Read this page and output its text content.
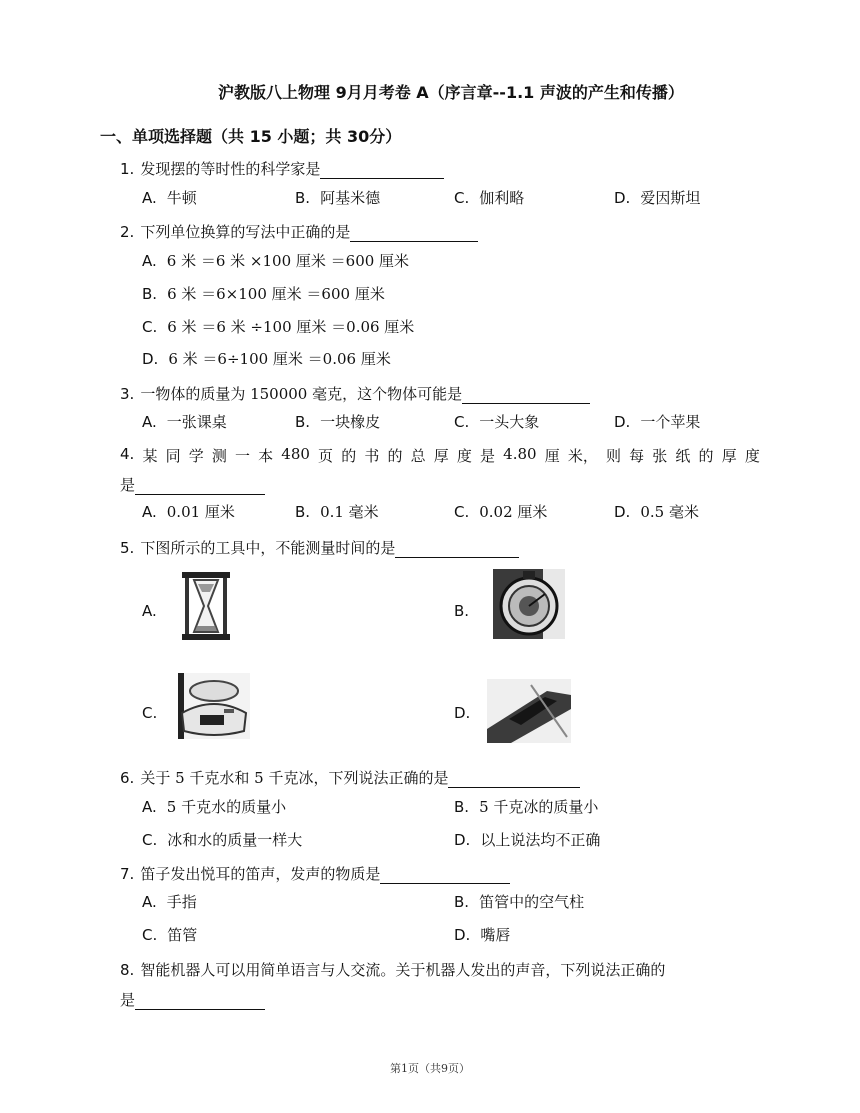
沪教版八上物理 9月月考卷 A（序言章--1.1 声波的产生和传播）
一、单项选择题（共 15 小题；共 30分）
1. 发现摆的等时性的科学家是
A. 牛顿	B. 阿基米德	C. 伽利略	D. 爱因斯坦
2. 下列单位换算的写法中正确的是
A. 6 米 ＝6 米 ×100 厘米 ＝600 厘米
B. 6 米 ＝6×100 厘米 ＝600 厘米
C. 6 米 ＝6 米 ÷100 厘米 ＝0.06 厘米
D. 6 米 ＝6÷100 厘米 ＝0.06 厘米
3. 一物体的质量为 150000 毫克，这个物体可能是
A. 一张课桌	B. 一块橡皮	C. 一头大象	D. 一个苹果
4. 某 同 学 测 一 本 480 页 的 书 的 总 厚 度 是 4.80 厘 米， 则 每 张 纸 的 厚 度
是
A. 0.01 厘米	B. 0.1 毫米	C. 0.02 厘米	D. 0.5 毫米
5. 下图所示的工具中，不能测量时间的是
A.	B.
C.	D.
6. 关于 5 千克水和 5 千克冰，下列说法正确的是
A. 5 千克水的质量小	B. 5 千克冰的质量小
C. 冰和水的质量一样大	D. 以上说法均不正确
7. 笛子发出悦耳的笛声，发声的物质是
A. 手指	B. 笛管中的空气柱
C. 笛管	D. 嘴唇
8. 智能机器人可以用简单语言与人交流。关于机器人发出的声音，下列说法正确的
是
第1页（共9页）
